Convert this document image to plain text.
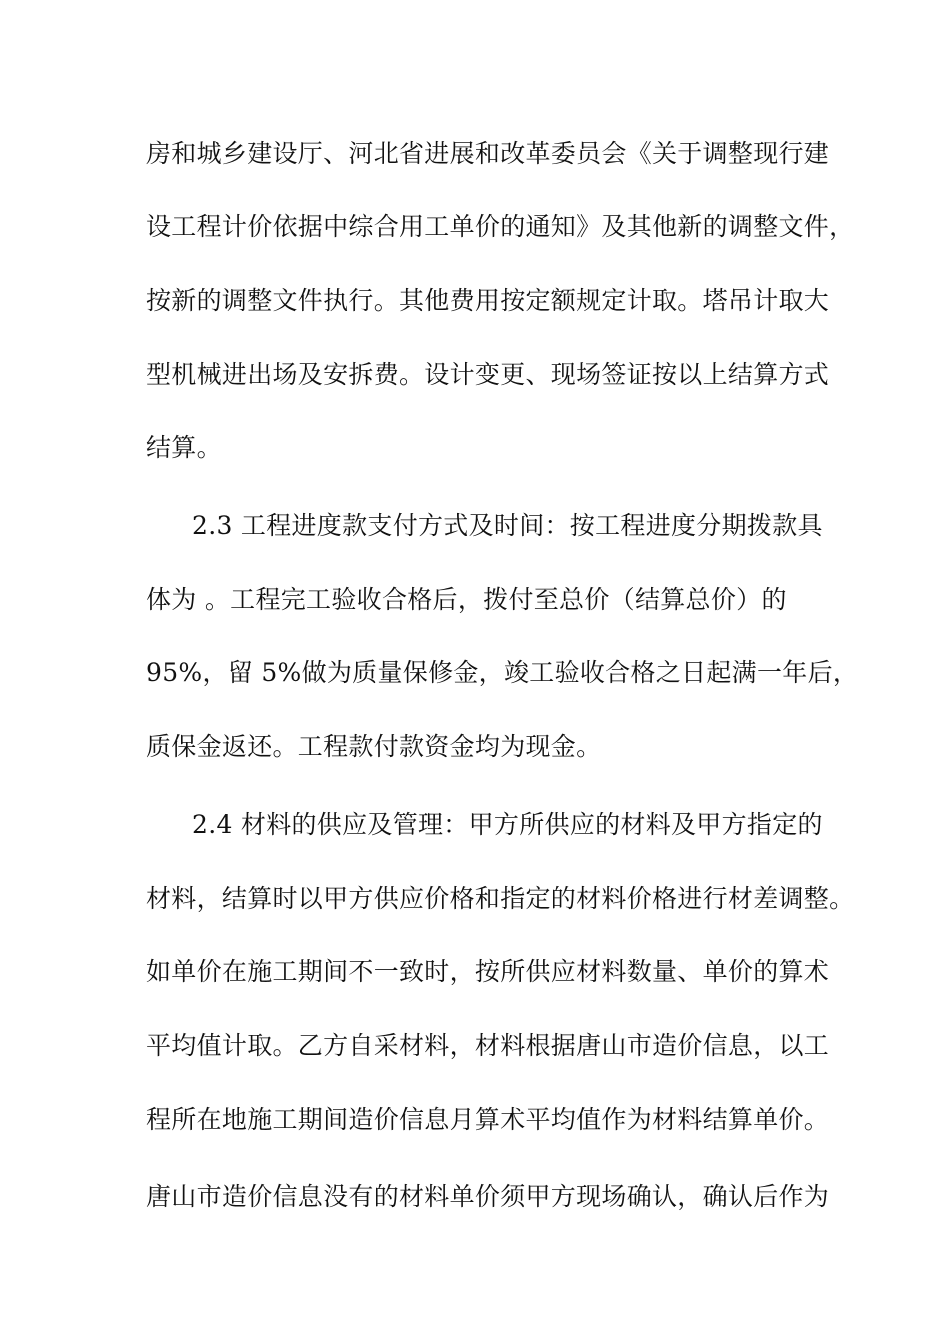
房和城乡建设厅、河北省进展和改革委员会《关于调整现行建
设工程计价依据中综合用工单价的通知》及其他新的调整文件，
按新的调整文件执行。其他费用按定额规定计取。塔吊计取大
型机械进出场及安拆费。设计变更、现场签证按以上结算方式
结算。
2.3 工程进度款支付方式及时间：按工程进度分期拨款具
体为 。工程完工验收合格后，拨付至总价（结算总价）的
95%，留 5%做为质量保修金，竣工验收合格之日起满一年后，
质保金返还。工程款付款资金均为现金。
2.4 材料的供应及管理：甲方所供应的材料及甲方指定的
材料，结算时以甲方供应价格和指定的材料价格进行材差调整。
如单价在施工期间不一致时，按所供应材料数量、单价的算术
平均值计取。乙方自采材料，材料根据唐山市造价信息，以工
程所在地施工期间造价信息月算术平均值作为材料结算单价。
唐山市造价信息没有的材料单价须甲方现场确认，确认后作为
